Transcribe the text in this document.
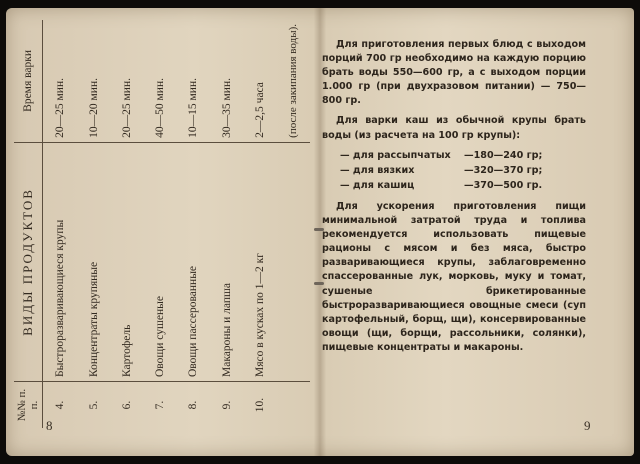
№№ п. п.	ВИДЫ ПРОДУКТОВ	Время варки
4.	Быстроразваривающиеся крупы	20—25 мин.
5.	Концентраты крупяные	10—20 мин.
6.	Картофель	20—25 мин.
7.	Овощи сушеные	40—50 мин.
8.	Овощи пассерованные	10—15 мин.
9.	Макароны и лапша	30—35 мин.
10.	Мясо в кусках по 1—2 кг	2—2,5 часа
		(после закипания воды).
8

Для приготовления первых блюд с выходом порций 700 гр необходимо на каждую порцию брать воды 550—600 гр, а с выходом порции 1.000 гр (при двухразовом питании) — 750—800 гр.

Для варки каш из обычной крупы брать воды (из расчета на 100 гр крупы):

— для рассыпчатых	—180—240 гр;
— для вязких	—320—370 гр;
— для кашиц	—370—500 гр.

Для ускорения приготовления пищи минимальной затратой труда и топлива рекомендуется использовать пищевые рационы с мясом и без мяса, быстро разваривающиеся крупы, заблаговременно спассерованные лук, морковь, муку и томат, сушеные брикетированные быстроразваривающиеся овощные смеси (суп картофельный, борщ, щи), консервированные овощи (щи, борщи, рассольники, солянки), пищевые концентраты и макароны.

9
